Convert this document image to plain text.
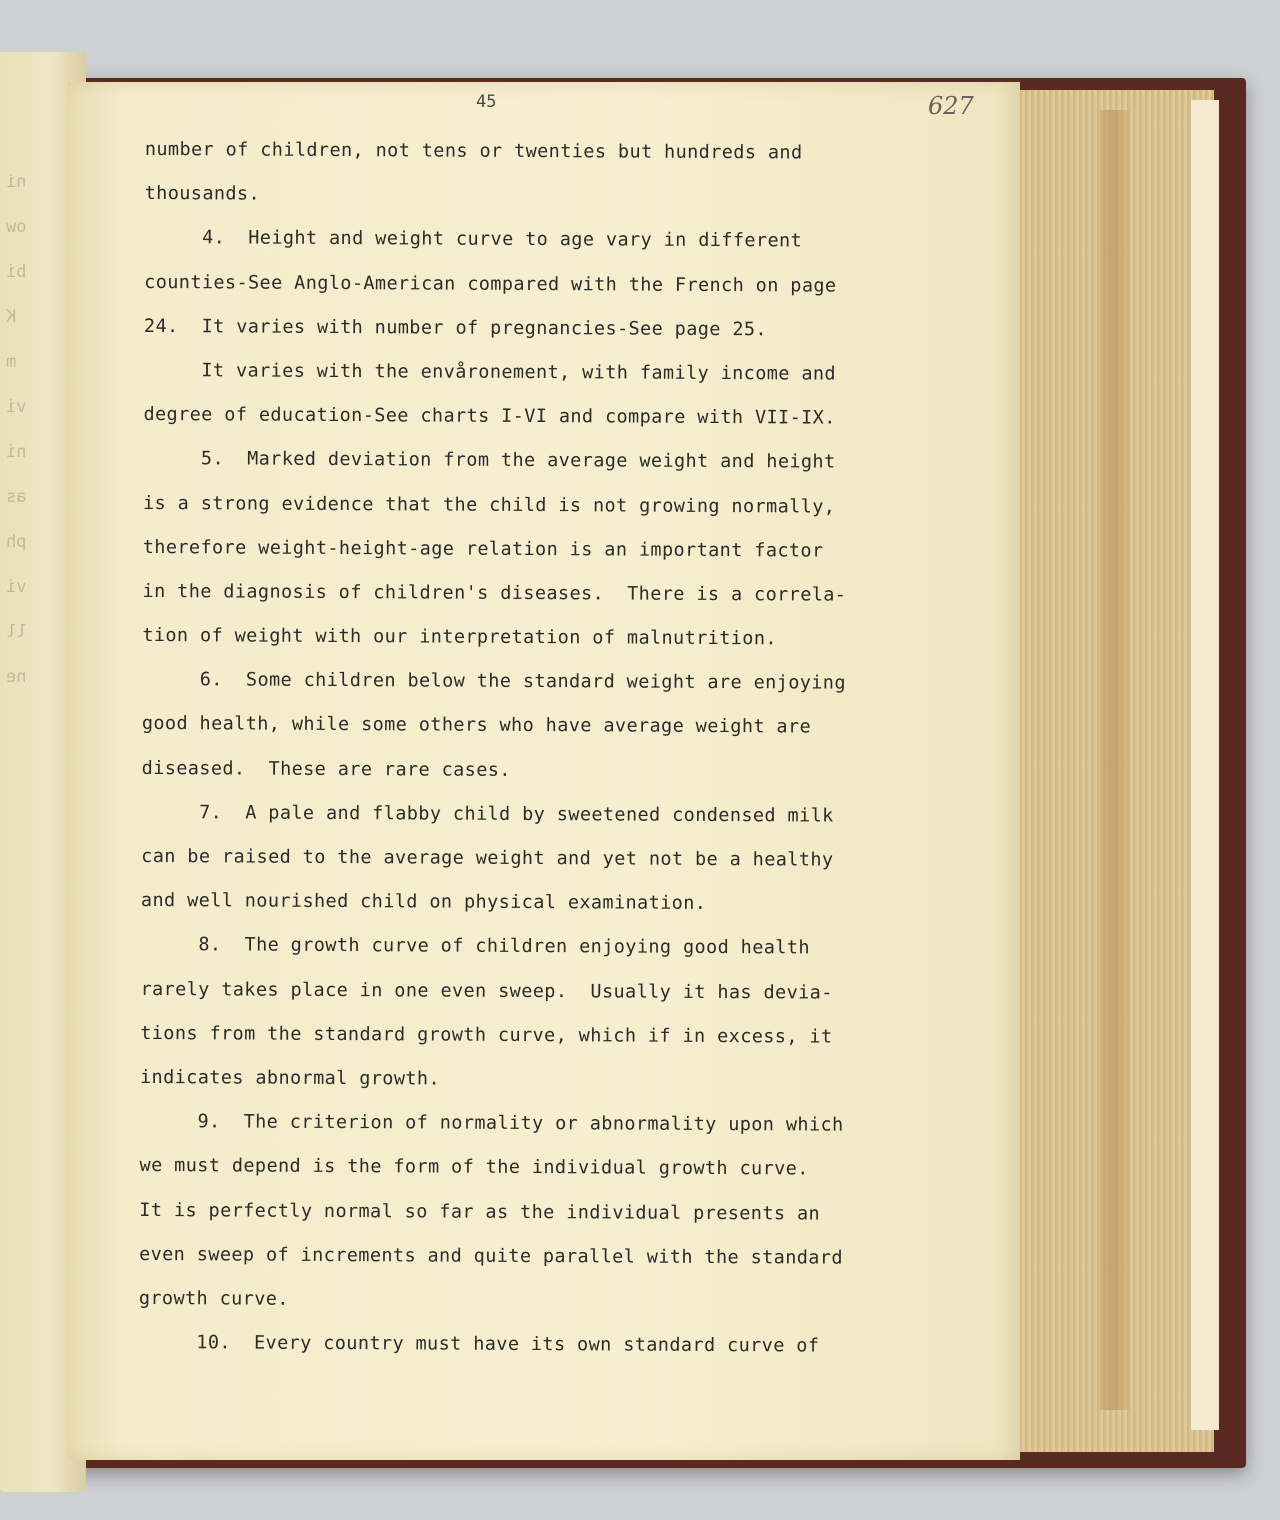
ni
ow
bi
K
m
vi
ni
as
ph
vi
ll
ne
45	627
number of children, not tens or twenties but hundreds and
thousands.
4.  Height and weight curve to age vary in different
counties-See Anglo-American compared with the French on page
24.  It varies with number of pregnancies-See page 25.
It varies with the envåronement, with family income and
degree of education-See charts I-VI and compare with VII-IX.
5.  Marked deviation from the average weight and height
is a strong evidence that the child is not growing normally,
therefore weight-height-age relation is an important factor
in the diagnosis of children's diseases.  There is a correla-
tion of weight with our interpretation of malnutrition.
6.  Some children below the standard weight are enjoying
good health, while some others who have average weight are
diseased.  These are rare cases.
7.  A pale and flabby child by sweetened condensed milk
can be raised to the average weight and yet not be a healthy
and well nourished child on physical examination.
8.  The growth curve of children enjoying good health
rarely takes place in one even sweep.  Usually it has devia-
tions from the standard growth curve, which if in excess, it
indicates abnormal growth.
9.  The criterion of normality or abnormality upon which
we must depend is the form of the individual growth curve.
It is perfectly normal so far as the individual presents an
even sweep of increments and quite parallel with the standard
growth curve.
10.  Every country must have its own standard curve of
